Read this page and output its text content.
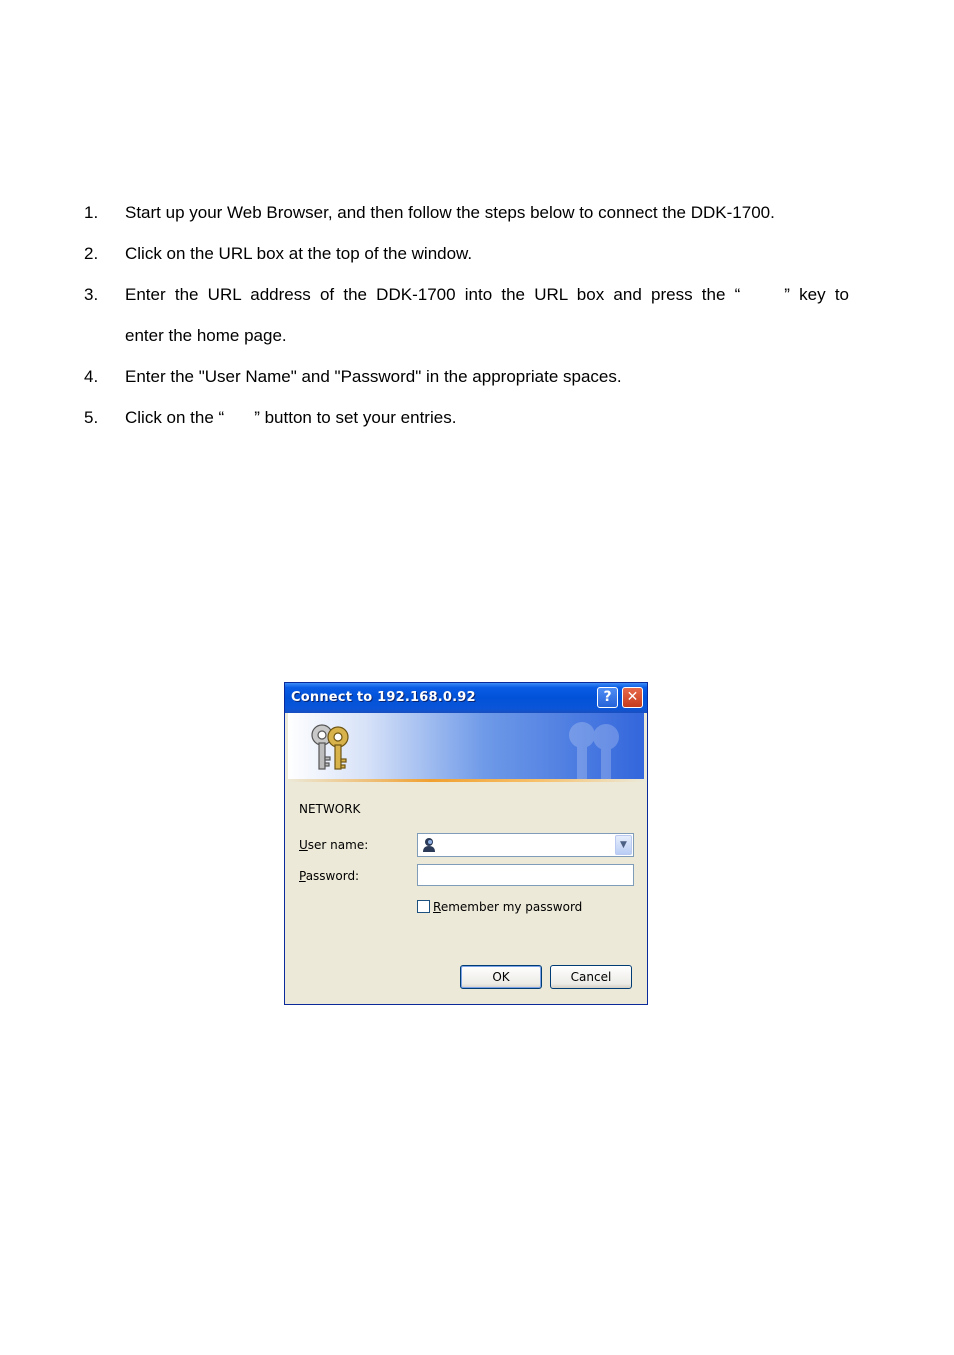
1. Start up your Web Browser, and then follow the steps below to connect the DDK-1700.
2. Click on the URL box at the top of the window.
3. Enter the URL address of the DDK-1700 into the URL box and press the “	” key to
enter the home page.
4. Enter the "User Name" and "Password" in the appropriate spaces.
5. Click on the “ ” button to set your entries.
Connect to 192.168.0.92	?	✕
NETWORK
User name:	▼
Password:
Remember my password
OK	Cancel
